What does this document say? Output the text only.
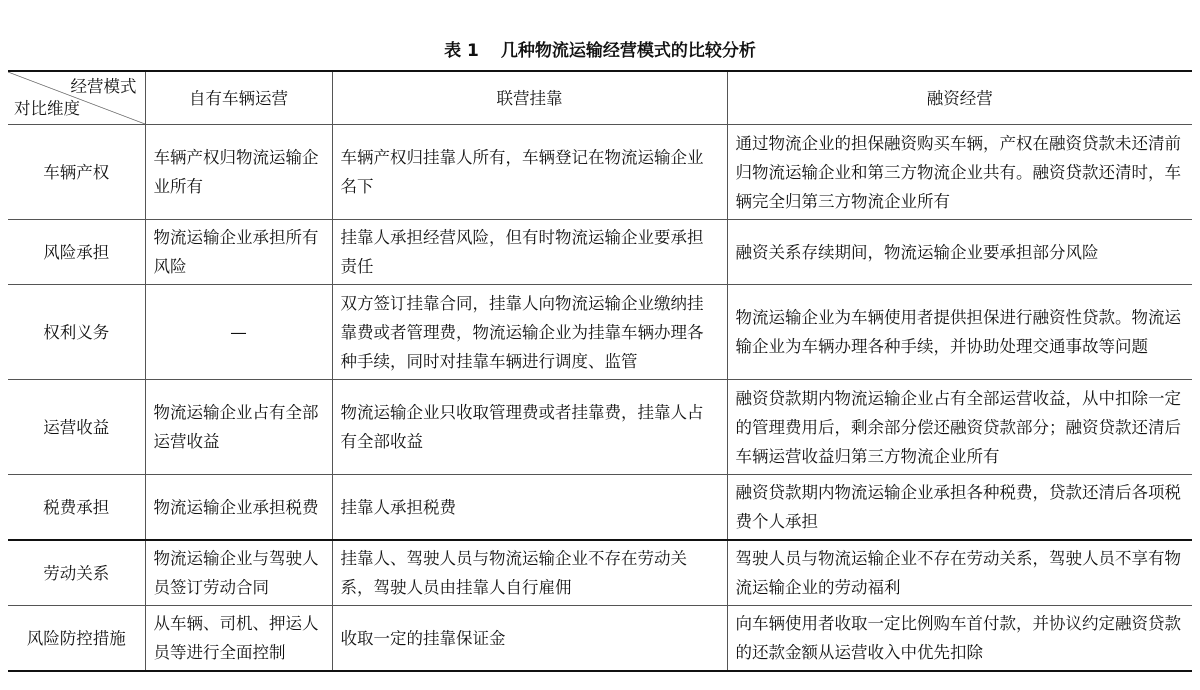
表 1 几种物流运输经营模式的比较分析
经营模式
对比维度	自有车辆运营	联营挂靠	融资经营
车辆产权	车辆产权归物流运输企业所有	车辆产权归挂靠人所有，车辆登记在物流运输企业名下	通过物流企业的担保融资购买车辆，产权在融资贷款未还清前归物流运输企业和第三方物流企业共有。融资贷款还清时，车辆完全归第三方物流企业所有
风险承担	物流运输企业承担所有风险	挂靠人承担经营风险，但有时物流运输企业要承担责任	融资关系存续期间，物流运输企业要承担部分风险
权利义务	—	双方签订挂靠合同，挂靠人向物流运输企业缴纳挂靠费或者管理费，物流运输企业为挂靠车辆办理各种手续，同时对挂靠车辆进行调度、监管	物流运输企业为车辆使用者提供担保进行融资性贷款。物流运输企业为车辆办理各种手续，并协助处理交通事故等问题
运营收益	物流运输企业占有全部运营收益	物流运输企业只收取管理费或者挂靠费，挂靠人占有全部收益	融资贷款期内物流运输企业占有全部运营收益，从中扣除一定的管理费用后，剩余部分偿还融资贷款部分；融资贷款还清后车辆运营收益归第三方物流企业所有
税费承担	物流运输企业承担税费	挂靠人承担税费	融资贷款期内物流运输企业承担各种税费，贷款还清后各项税费个人承担
劳动关系	物流运输企业与驾驶人员签订劳动合同	挂靠人、驾驶人员与物流运输企业不存在劳动关系，驾驶人员由挂靠人自行雇佣	驾驶人员与物流运输企业不存在劳动关系，驾驶人员不享有物流运输企业的劳动福利
风险防控措施	从车辆、司机、押运人员等进行全面控制	收取一定的挂靠保证金	向车辆使用者收取一定比例购车首付款，并协议约定融资贷款的还款金额从运营收入中优先扣除
